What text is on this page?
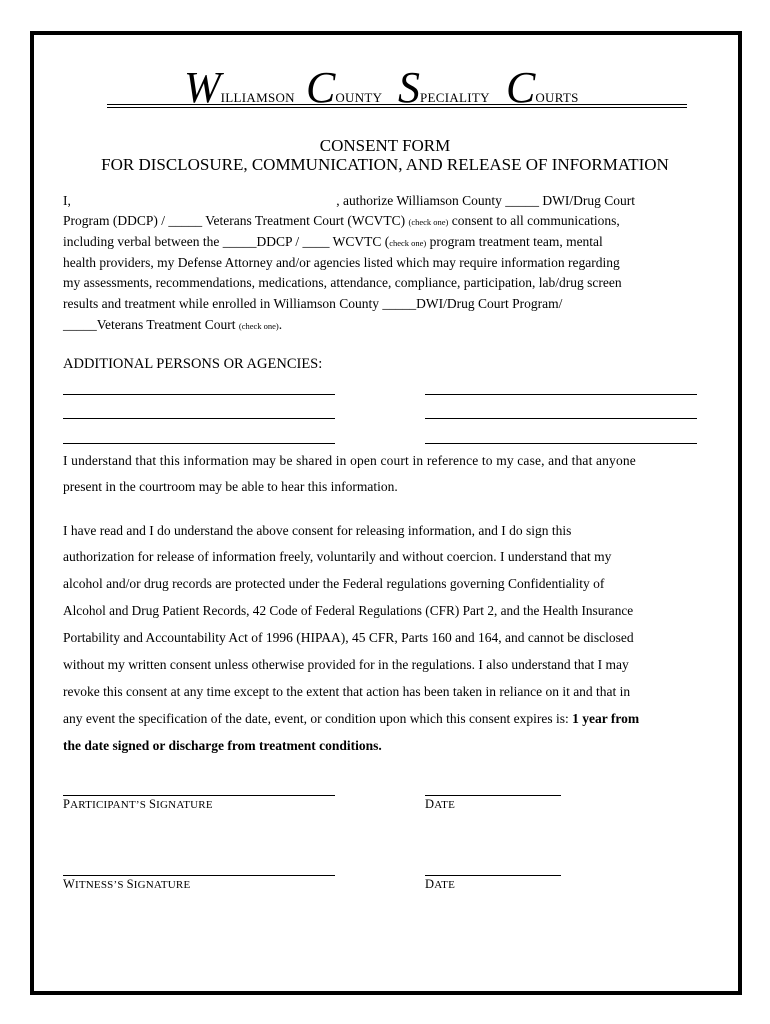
WILLIAMSON COUNTY SPECIALITY COURTS
CONSENT FORM
FOR DISCLOSURE, COMMUNICATION, AND RELEASE OF INFORMATION
I,	, authorize Williamson County _____ DWI/Drug Court
Program (DDCP) / _____ Veterans Treatment Court (WCVTC) (check one) consent to all communications,
including verbal between the _____DDCP / ____ WCVTC (check one) program treatment team, mental
health providers, my Defense Attorney and/or agencies listed which may require information regarding
my assessments, recommendations, medications, attendance, compliance, participation, lab/drug screen
results and treatment while enrolled in Williamson County _____DWI/Drug Court Program/
_____Veterans Treatment Court (check one).
ADDITIONAL PERSONS OR AGENCIES:
I understand that this information may be shared in open court in reference to my case, and that anyone
present in the courtroom may be able to hear this information.
I have read and I do understand the above consent for releasing information, and I do sign this
authorization for release of information freely, voluntarily and without coercion. I understand that my
alcohol and/or drug records are protected under the Federal regulations governing Confidentiality of
Alcohol and Drug Patient Records, 42 Code of Federal Regulations (CFR) Part 2, and the Health Insurance
Portability and Accountability Act of 1996 (HIPAA), 45 CFR, Parts 160 and 164, and cannot be disclosed
without my written consent unless otherwise provided for in the regulations. I also understand that I may
revoke this consent at any time except to the extent that action has been taken in reliance on it and that in
any event the specification of the date, event, or condition upon which this consent expires is: 1 year from
the date signed or discharge from treatment conditions.
PARTICIPANT’S SIGNATURE	DATE
WITNESS’S SIGNATURE	DATE
